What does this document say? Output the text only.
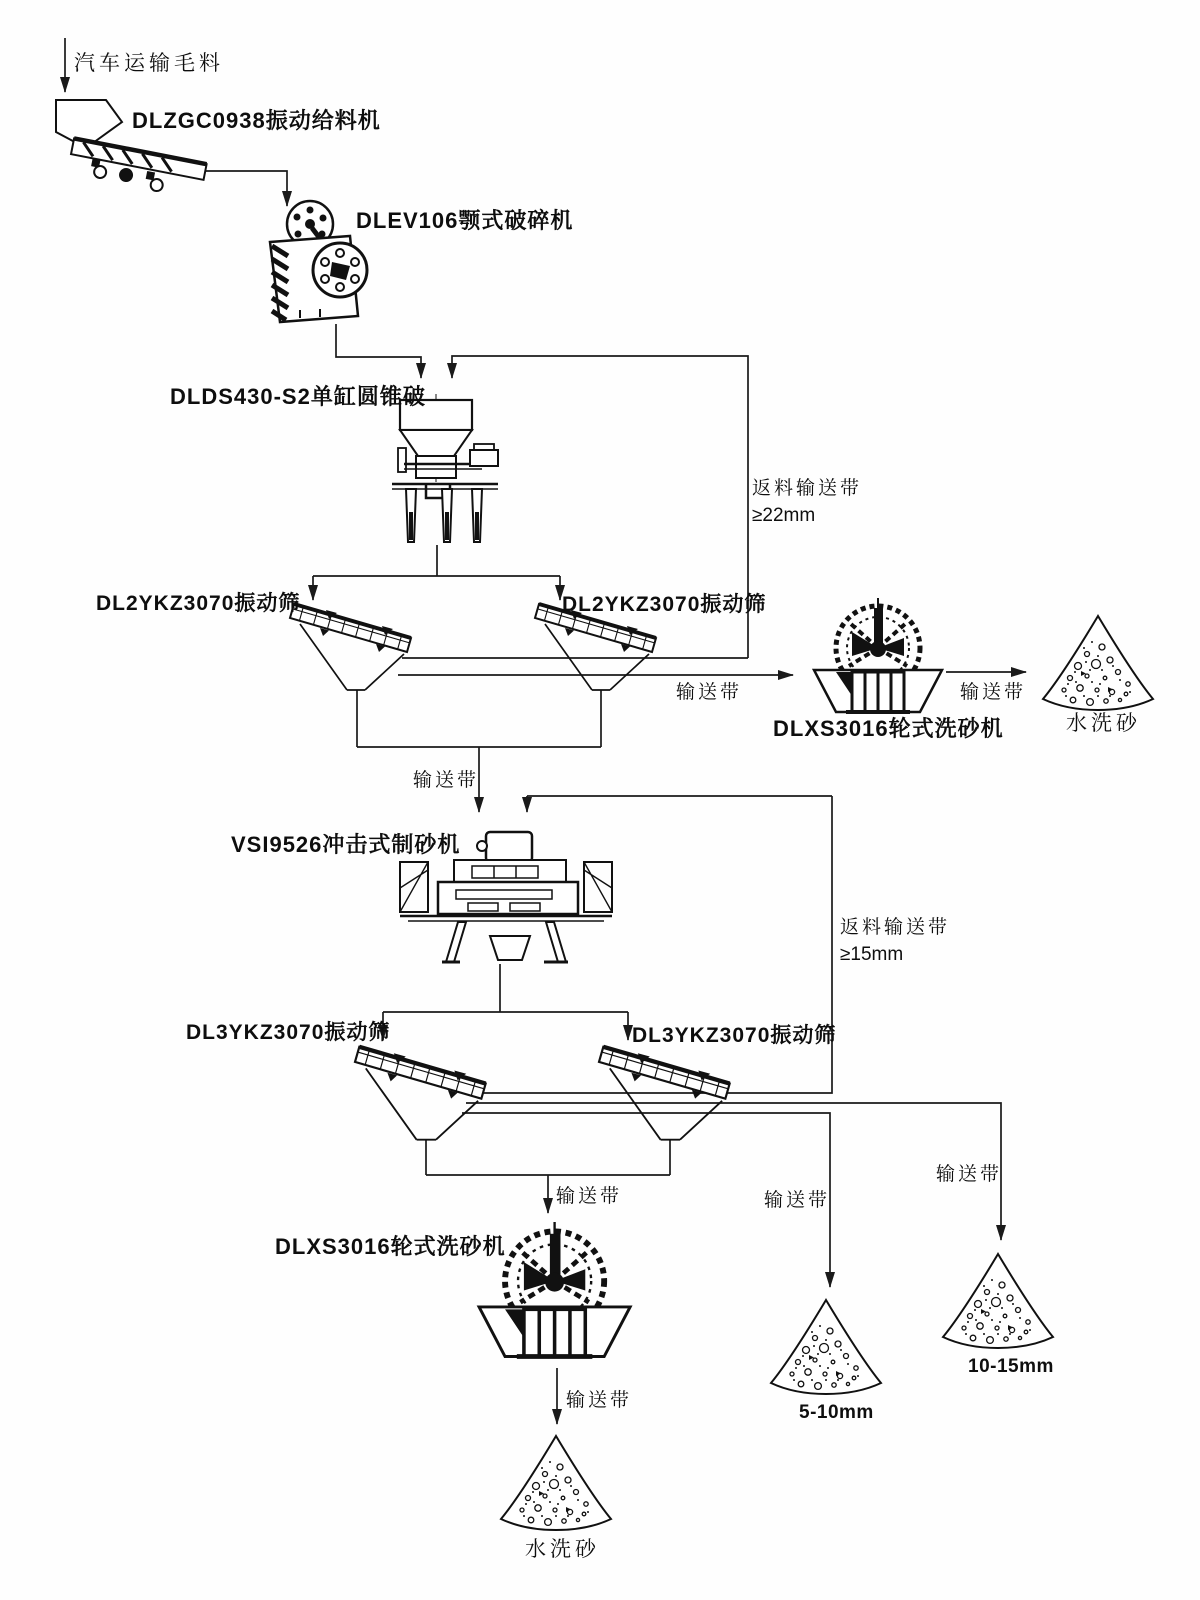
汽车运输毛料
DLZGC0938振动给料机
DLEV106颚式破碎机
DLDS430-S2单缸圆锥破
返料输送带
≥22mm
DL2YKZ3070振动筛	DL2YKZ3070振动筛
输送带
DLXS3016轮式洗砂机
输送带
水洗砂
输送带
VSI9526冲击式制砂机
返料输送带
≥15mm
DL3YKZ3070振动筛	DL3YKZ3070振动筛
输送带
输送带
输送带
DLXS3016轮式洗砂机
输送带
5-10mm
10-15mm
水洗砂
